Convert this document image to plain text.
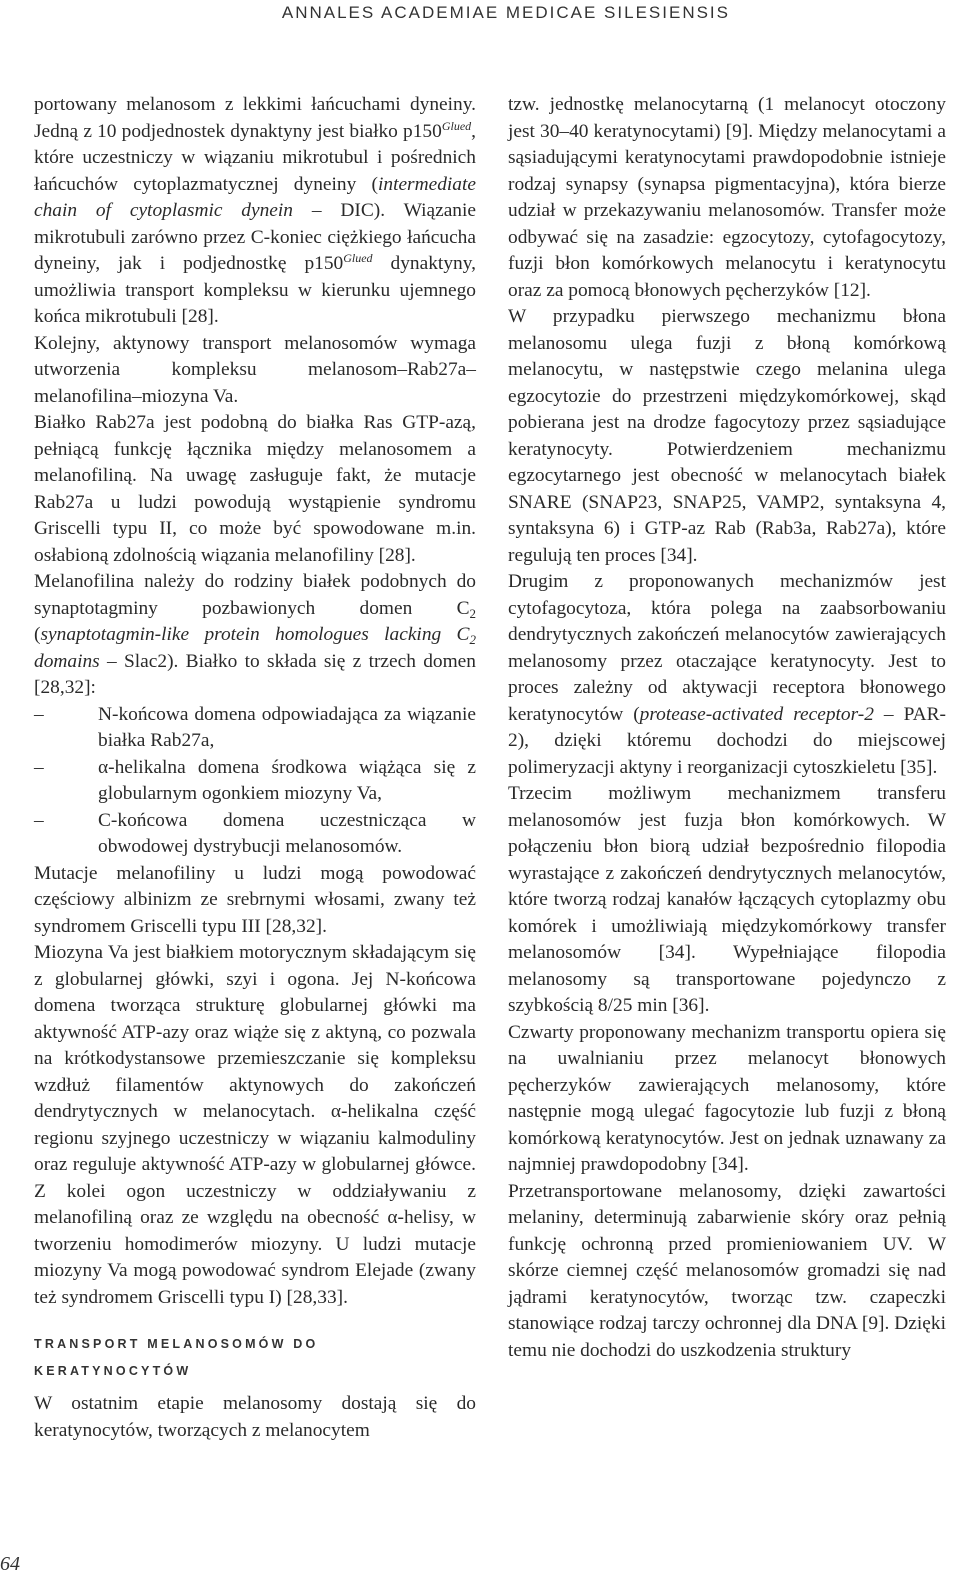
ANNALES ACADEMIAE MEDICAE SILESIENSIS

portowany melanosom z lekkimi łańcuchami dyneiny. Jedną z 10 podjednostek dynaktyny jest białko $p150^{Glued}$, które uczestniczy w wiązaniu mikrotubul i pośrednich łańcuchów cytoplazmatycznej dyneiny (intermediate chain of cytoplasmic dynein – DIC). Wiązanie mikrotubuli zarówno przez C-koniec ciężkiego łańcucha dyneiny, jak i podjednostkę $p150^{Glued}$ dynaktyny, umożliwia transport kompleksu w kierunku ujemnego końca mikrotubuli [28].

Kolejny, aktynowy transport melanosomów wymaga utworzenia kompleksu melanosom–Rab27a–melanofilina–miozyna Va.

Białko Rab27a jest podobną do białka Ras GTP-azą, pełniącą funkcję łącznika między melanosomem a melanofiliną. Na uwagę zasługuje fakt, że mutacje Rab27a u ludzi powodują wystąpienie syndromu Griscelli typu II, co może być spowodowane m.in. osłabioną zdolnością wiązania melanofiliny [28].

Melanofilina należy do rodziny białek podobnych do synaptotagminy pozbawionych domen $C_2$ (synaptotagmin-like protein homologues lacking $C_2$ domains – Slac2). Białko to składa się z trzech domen [28,32]:

–	N-końcowa domena odpowiadająca za wiązanie białka Rab27a,
–	α-helikalna domena środkowa wiążąca się z globularnym ogonkiem miozyny Va,
–	C-końcowa domena uczestnicząca w obwodowej dystrybucji melanosomów.

Mutacje melanofiliny u ludzi mogą powodować częściowy albinizm ze srebrnymi włosami, zwany też syndromem Griscelli typu III [28,32].

Miozyna Va jest białkiem motorycznym składającym się z globularnej główki, szyi i ogona. Jej N-końcowa domena tworząca strukturę globularnej główki ma aktywność ATP-azy oraz wiąże się z aktyną, co pozwala na krótkodystansowe przemieszczanie się kompleksu wzdłuż filamentów aktynowych do zakończeń dendrytycznych w melanocytach. α-helikalna część regionu szyjnego uczestniczy w wiązaniu kalmoduliny oraz reguluje aktywność ATP-azy w globularnej główce. Z kolei ogon uczestniczy w oddziaływaniu z melanofiliną oraz ze względu na obecność α-helisy, w tworzeniu homodimerów miozyny. U ludzi mutacje miozyny Va mogą powodować syndrom Elejade (zwany też syndromem Griscelli typu I) [28,33].

TRANSPORT MELANOSOMÓW DO KERATYNOCYTÓW

W ostatnim etapie melanosomy dostają się do keratynocytów, tworzących z melanocytem

tzw. jednostkę melanocytarną (1 melanocyt otoczony jest 30–40 keratynocytami) [9]. Między melanocytami a sąsiadującymi keratynocytami prawdopodobnie istnieje rodzaj synapsy (synapsa pigmentacyjna), która bierze udział w przekazywaniu melanosomów. Transfer może odbywać się na zasadzie: egzocytozy, cytofagocytozy, fuzji błon komórkowych melanocytu i keratynocytu oraz za pomocą błonowych pęcherzyków [12].

W przypadku pierwszego mechanizmu błona melanosomu ulega fuzji z błoną komórkową melanocytu, w następstwie czego melanina ulega egzocytozie do przestrzeni międzykomórkowej, skąd pobierana jest na drodze fagocytozy przez sąsiadujące keratynocyty. Potwierdzeniem mechanizmu egzocytarnego jest obecność w melanocytach białek SNARE (SNAP23, SNAP25, VAMP2, syntaksyna 4, syntaksyna 6) i GTP-az Rab (Rab3a, Rab27a), które regulują ten proces [34].

Drugim z proponowanych mechanizmów jest cytofagocytoza, która polega na zaabsorbowaniu dendrytycznych zakończeń melanocytów zawierających melanosomy przez otaczające keratynocyty. Jest to proces zależny od aktywacji receptora błonowego keratynocytów (protease-activated receptor-2 – PAR-2), dzięki któremu dochodzi do miejscowej polimeryzacji aktyny i reorganizacji cytoszkieletu [35].

Trzecim możliwym mechanizmem transferu melanosomów jest fuzja błon komórkowych. W połączeniu błon biorą udział bezpośrednio filopodia wyrastające z zakończeń dendrytycznych melanocytów, które tworzą rodzaj kanałów łączących cytoplazmy obu komórek i umożliwiają międzykomórkowy transfer melanosomów [34]. Wypełniające filopodia melanosomy są transportowane pojedynczo z szybkością 8/25 min [36].

Czwarty proponowany mechanizm transportu opiera się na uwalnianiu przez melanocyt błonowych pęcherzyków zawierających melanosomy, które następnie mogą ulegać fagocytozie lub fuzji z błoną komórkową keratynocytów. Jest on jednak uznawany za najmniej prawdopodobny [34].

Przetransportowane melanosomy, dzięki zawartości melaniny, determinują zabarwienie skóry oraz pełnią funkcję ochronną przed promieniowaniem UV. W skórze ciemnej część melanosomów gromadzi się nad jądrami keratynocytów, tworząc tzw. czapeczki stanowiące rodzaj tarczy ochronnej dla DNA [9]. Dzięki temu nie dochodzi do uszkodzenia struktury

64
